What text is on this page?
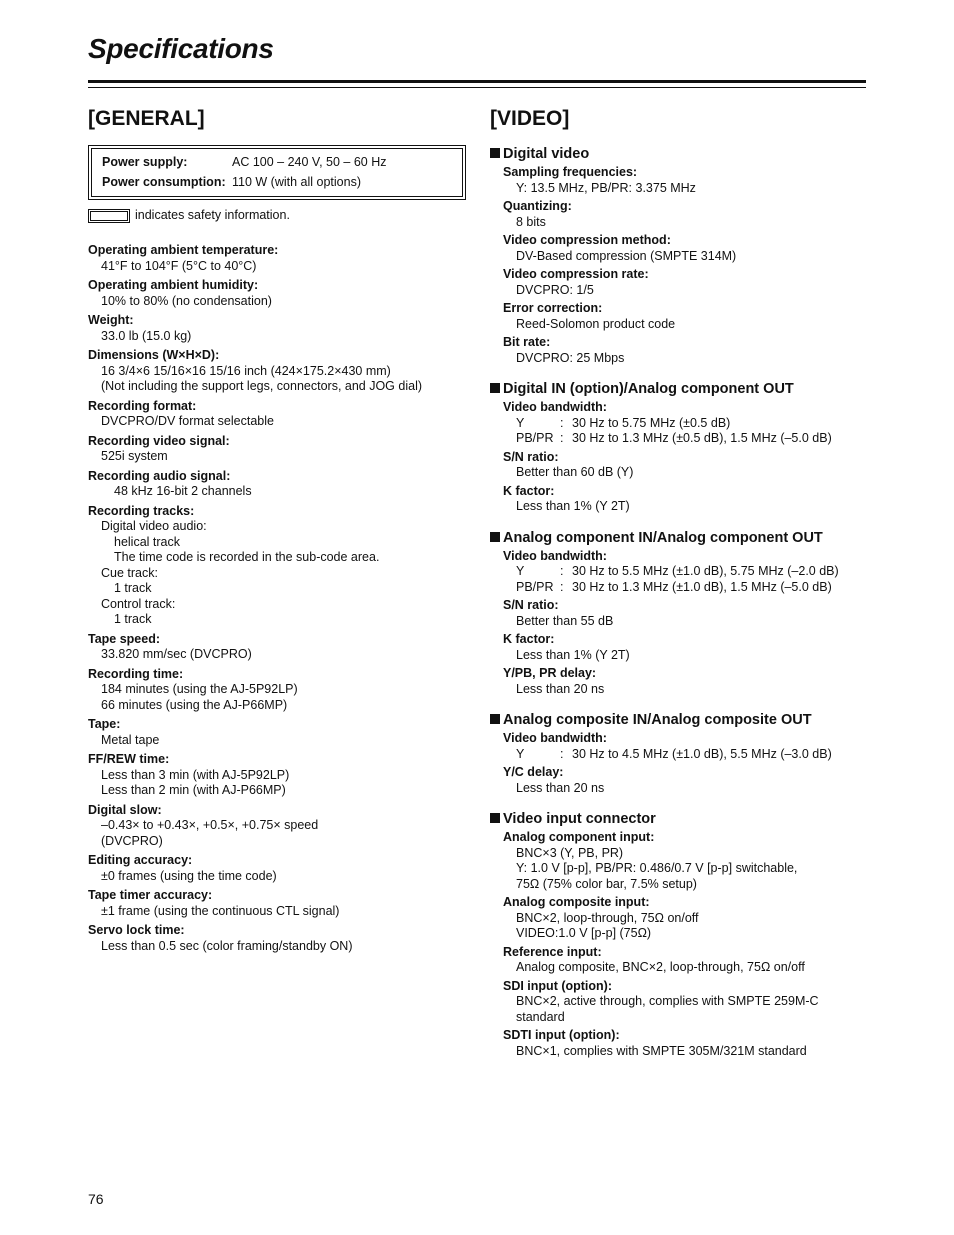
Specifications
[GENERAL]
Power supply:	AC 100 – 240 V, 50 – 60 Hz
Power consumption: 110 W (with all options)
indicates safety information.
Operating ambient temperature:
41°F to 104°F (5°C to 40°C)
Operating ambient humidity:
10% to 80% (no condensation)
Weight:
33.0 lb (15.0 kg)
Dimensions (W×H×D):
16 3/4×6 15/16×16 15/16 inch (424×175.2×430 mm)
(Not including the support legs, connectors, and JOG dial)
Recording format:
DVCPRO/DV format selectable
Recording video signal:
525i system
Recording audio signal:
48 kHz 16-bit 2 channels
Recording tracks:
Digital video audio:
helical track
The time code is recorded in the sub-code area.
Cue track:
1 track
Control track:
1 track
Tape speed:
33.820 mm/sec (DVCPRO)
Recording time:
184 minutes (using the AJ-5P92LP)
66 minutes (using the AJ-P66MP)
Tape:
Metal tape
FF/REW time:
Less than 3 min (with AJ-5P92LP)
Less than 2 min (with AJ-P66MP)
Digital slow:
–0.43× to +0.43×, +0.5×, +0.75× speed
(DVCPRO)
Editing accuracy:
±0 frames (using the time code)
Tape timer accuracy:
±1 frame (using the continuous CTL signal)
Servo lock time:
Less than 0.5 sec (color framing/standby ON)
[VIDEO]
Digital video
Sampling frequencies:
Y: 13.5 MHz, PB/PR: 3.375 MHz
Quantizing:
8 bits
Video compression method:
DV-Based compression (SMPTE 314M)
Video compression rate:
DVCPRO: 1/5
Error correction:
Reed-Solomon product code
Bit rate:
DVCPRO: 25 Mbps
Digital IN (option)/Analog component OUT
Video bandwidth:
Y	: 30 Hz to 5.75 MHz (±0.5 dB)
PB/PR : 30 Hz to 1.3 MHz (±0.5 dB), 1.5 MHz (–5.0 dB)
S/N ratio:
Better than 60 dB (Y)
K factor:
Less than 1% (Y 2T)
Analog component IN/Analog component OUT
Video bandwidth:
Y	: 30 Hz to 5.5 MHz (±1.0 dB), 5.75 MHz (–2.0 dB)
PB/PR : 30 Hz to 1.3 MHz (±1.0 dB), 1.5 MHz (–5.0 dB)
S/N ratio:
Better than 55 dB
K factor:
Less than 1% (Y 2T)
Y/PB, PR delay:
Less than 20 ns
Analog composite IN/Analog composite OUT
Video bandwidth:
Y	: 30 Hz to 4.5 MHz (±1.0 dB), 5.5 MHz (–3.0 dB)
Y/C delay:
Less than 20 ns
Video input connector
Analog component input:
BNC×3 (Y, PB, PR)
Y: 1.0 V [p-p], PB/PR: 0.486/0.7 V [p-p] switchable,
75Ω (75% color bar, 7.5% setup)
Analog composite input:
BNC×2, loop-through, 75Ω on/off
VIDEO:1.0 V [p-p] (75Ω)
Reference input:
Analog composite, BNC×2, loop-through, 75Ω on/off
SDI input (option):
BNC×2, active through, complies with SMPTE 259M-C
standard
SDTI input (option):
BNC×1, complies with SMPTE 305M/321M standard
76
